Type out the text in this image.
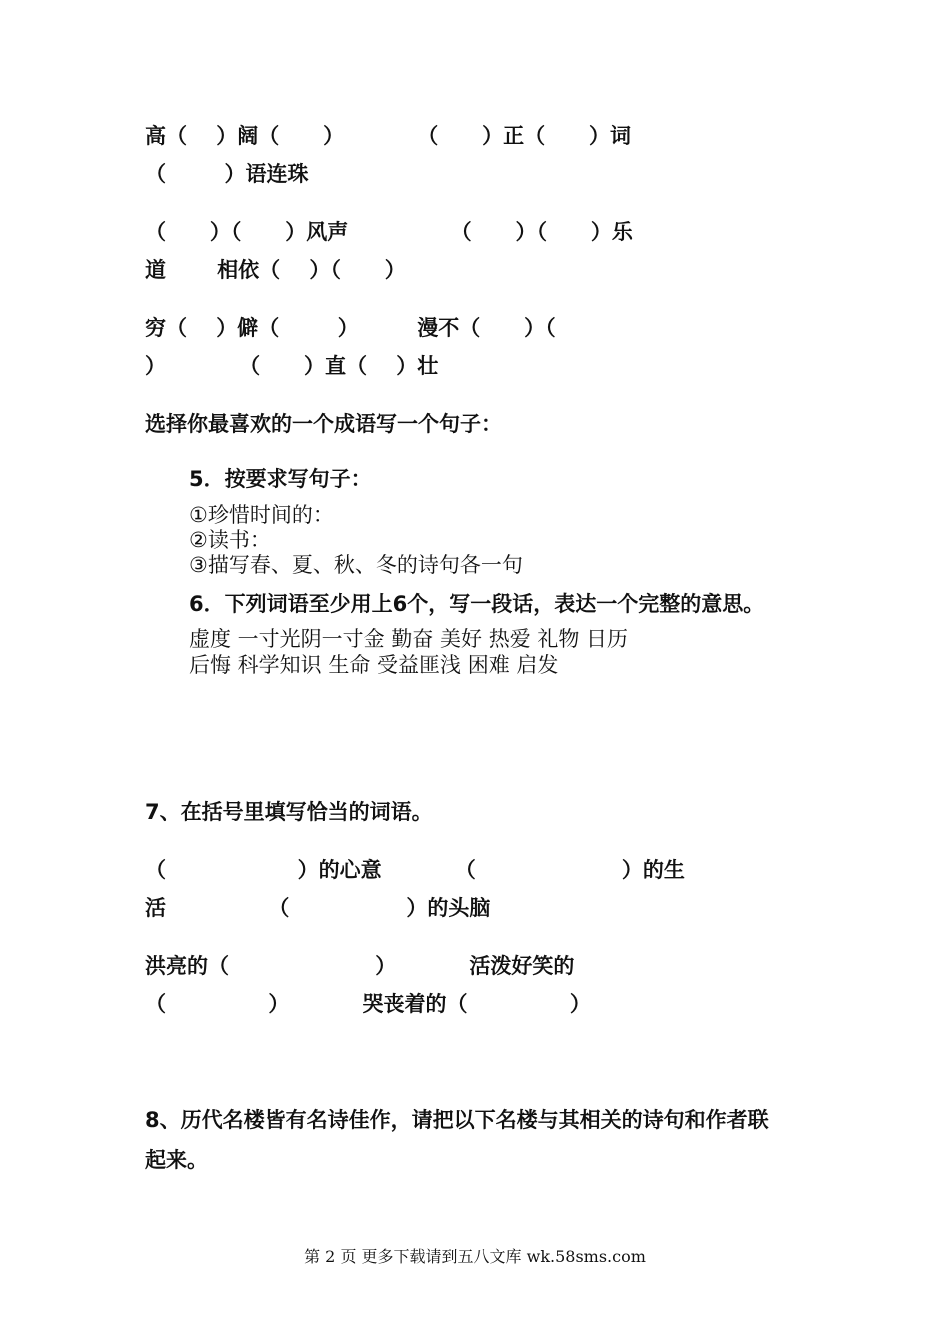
高（    ）阔（      ）          （      ）正（      ）词
（        ）语连珠
（      ）（      ）风声              （      ）（      ）乐
道       相依（    ）（      ）
穷（    ）僻（        ）        漫不（      ）（
）          （      ）直（    ）壮
选择你最喜欢的一个成语写一个句子：
5．按要求写句子：
①珍惜时间的：
②读书：
③描写春、夏、秋、冬的诗句各一句
6．下列词语至少用上6个，写一段话，表达一个完整的意思。
虚度 一寸光阴一寸金 勤奋 美好 热爱 礼物 日历
后悔 科学知识 生命 受益匪浅 困难 启发
7、在括号里填写恰当的词语。
（                  ）的心意          （                    ）的生
活              （                ）的头脑
洪亮的（                    ）          活泼好笑的
（              ）          哭丧着的（              ）
8、历代名楼皆有名诗佳作，请把以下名楼与其相关的诗句和作者联
起来。
第 2 页 更多下载请到五八文库 wk.58sms.com
